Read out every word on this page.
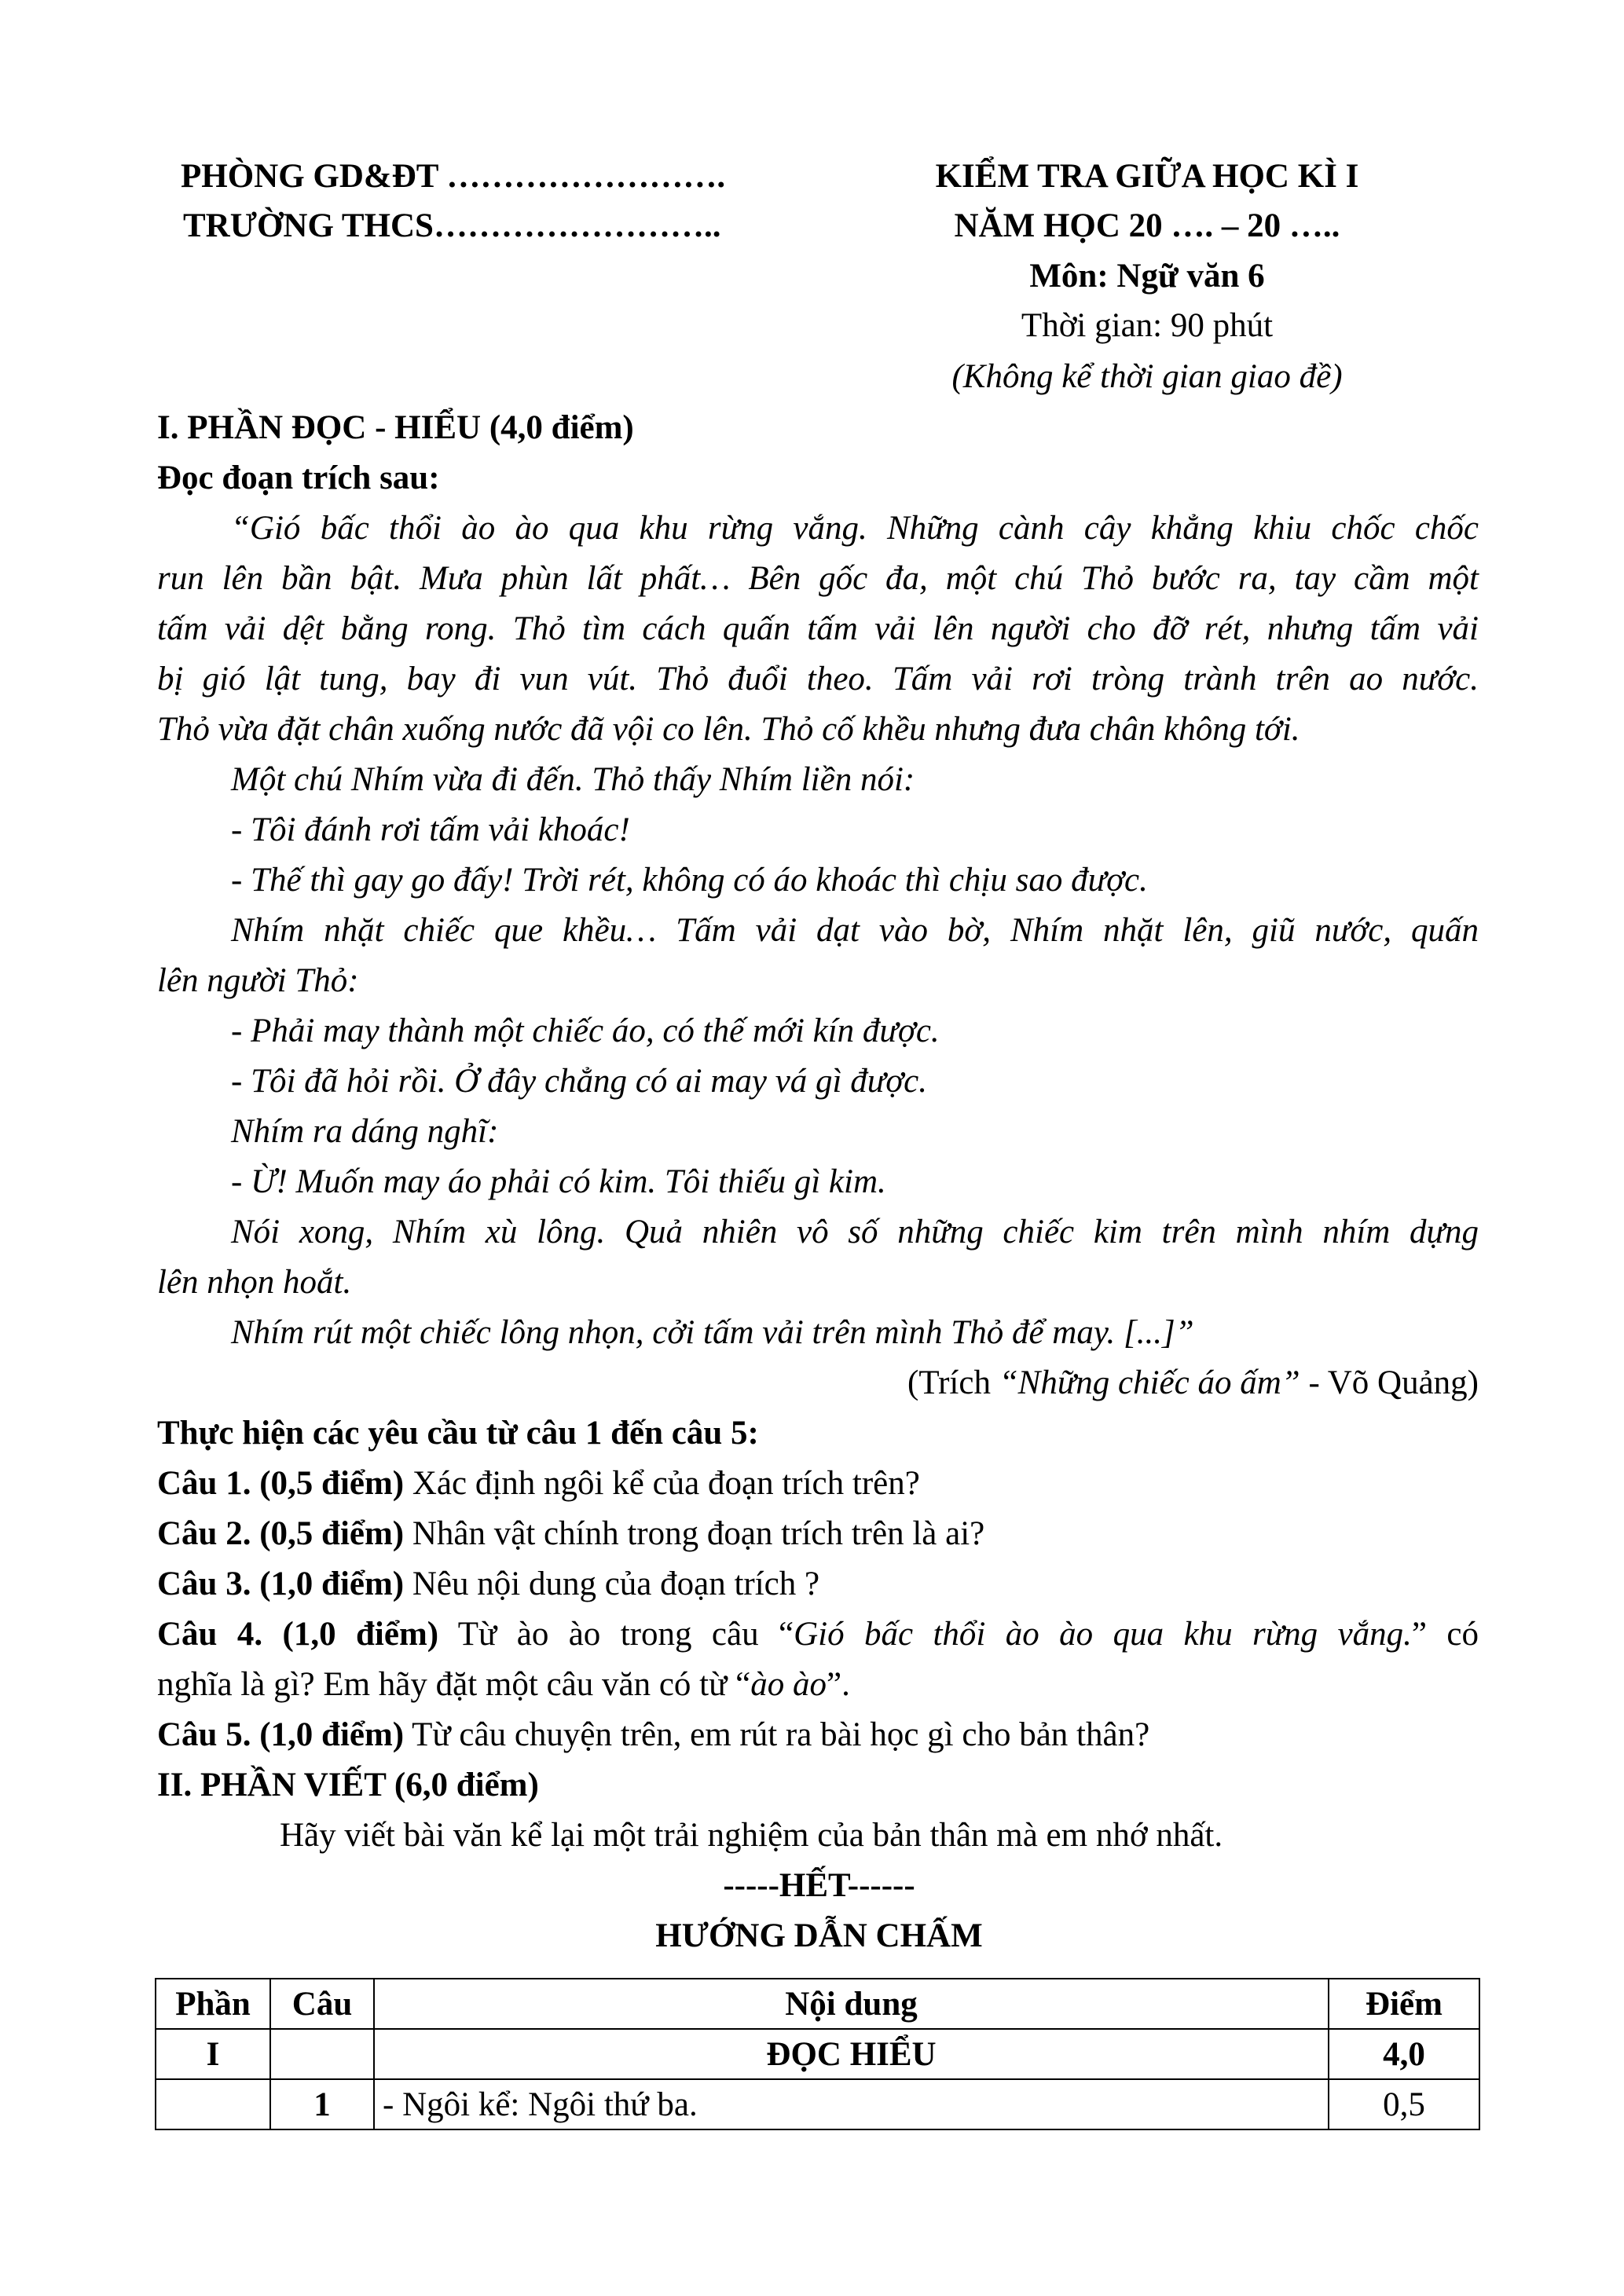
PHÒNG GD&ĐT …………………….
TRƯỜNG THCS……………………..
KIỂM TRA GIỮA HỌC KÌ I
NĂM HỌC 20 …. – 20 …..
Môn: Ngữ văn 6
Thời gian: 90 phút
(Không kể thời gian giao đề)
I. PHẦN ĐỌC - HIỂU (4,0 điểm)
Đọc đoạn trích sau:
“Gió bấc thổi ào ào qua khu rừng vắng. Những cành cây khẳng khiu chốc chốc
run lên bần bật. Mưa phùn lất phất… Bên gốc đa, một chú Thỏ bước ra, tay cầm một
tấm vải dệt bằng rong. Thỏ tìm cách quấn tấm vải lên người cho đỡ rét, nhưng tấm vải
bị gió lật tung, bay đi vun vút. Thỏ đuổi theo. Tấm vải rơi tròng trành trên ao nước.
Thỏ vừa đặt chân xuống nước đã vội co lên. Thỏ cố khều nhưng đưa chân không tới.
Một chú Nhím vừa đi đến. Thỏ thấy Nhím liền nói:
- Tôi đánh rơi tấm vải khoác!
- Thế thì gay go đấy! Trời rét, không có áo khoác thì chịu sao được.
Nhím nhặt chiếc que khều… Tấm vải dạt vào bờ, Nhím nhặt lên, giũ nước, quấn
lên người Thỏ:
- Phải may thành một chiếc áo, có thế mới kín được.
- Tôi đã hỏi rồi. Ở đây chẳng có ai may vá gì được.
Nhím ra dáng nghĩ:
- Ừ! Muốn may áo phải có kim. Tôi thiếu gì kim.
Nói xong, Nhím xù lông. Quả nhiên vô số những chiếc kim trên mình nhím dựng
lên nhọn hoắt.
Nhím rút một chiếc lông nhọn, cởi tấm vải trên mình Thỏ để may. [...]”
(Trích “Những chiếc áo ấm” - Võ Quảng)
Thực hiện các yêu cầu từ câu 1 đến câu 5:
Câu 1. (0,5 điểm) Xác định ngôi kể của đoạn trích trên?
Câu 2. (0,5 điểm) Nhân vật chính trong đoạn trích trên là ai?
Câu 3. (1,0 điểm) Nêu nội dung của đoạn trích ?
Câu 4. (1,0 điểm) Từ ào ào trong câu “Gió bấc thổi ào ào qua khu rừng vắng.” có
nghĩa là gì? Em hãy đặt một câu văn có từ “ào ào”.
Câu 5. (1,0 điểm) Từ câu chuyện trên, em rút ra bài học gì cho bản thân?
II. PHẦN VIẾT (6,0 điểm)
Hãy viết bài văn kể lại một trải nghiệm của bản thân mà em nhớ nhất.
-----HẾT------
HƯỚNG DẪN CHẤM
Phần	Câu	Nội dung	Điểm
I		ĐỌC HIỂU	4,0
	1	- Ngôi kể: Ngôi thứ ba.	0,5
